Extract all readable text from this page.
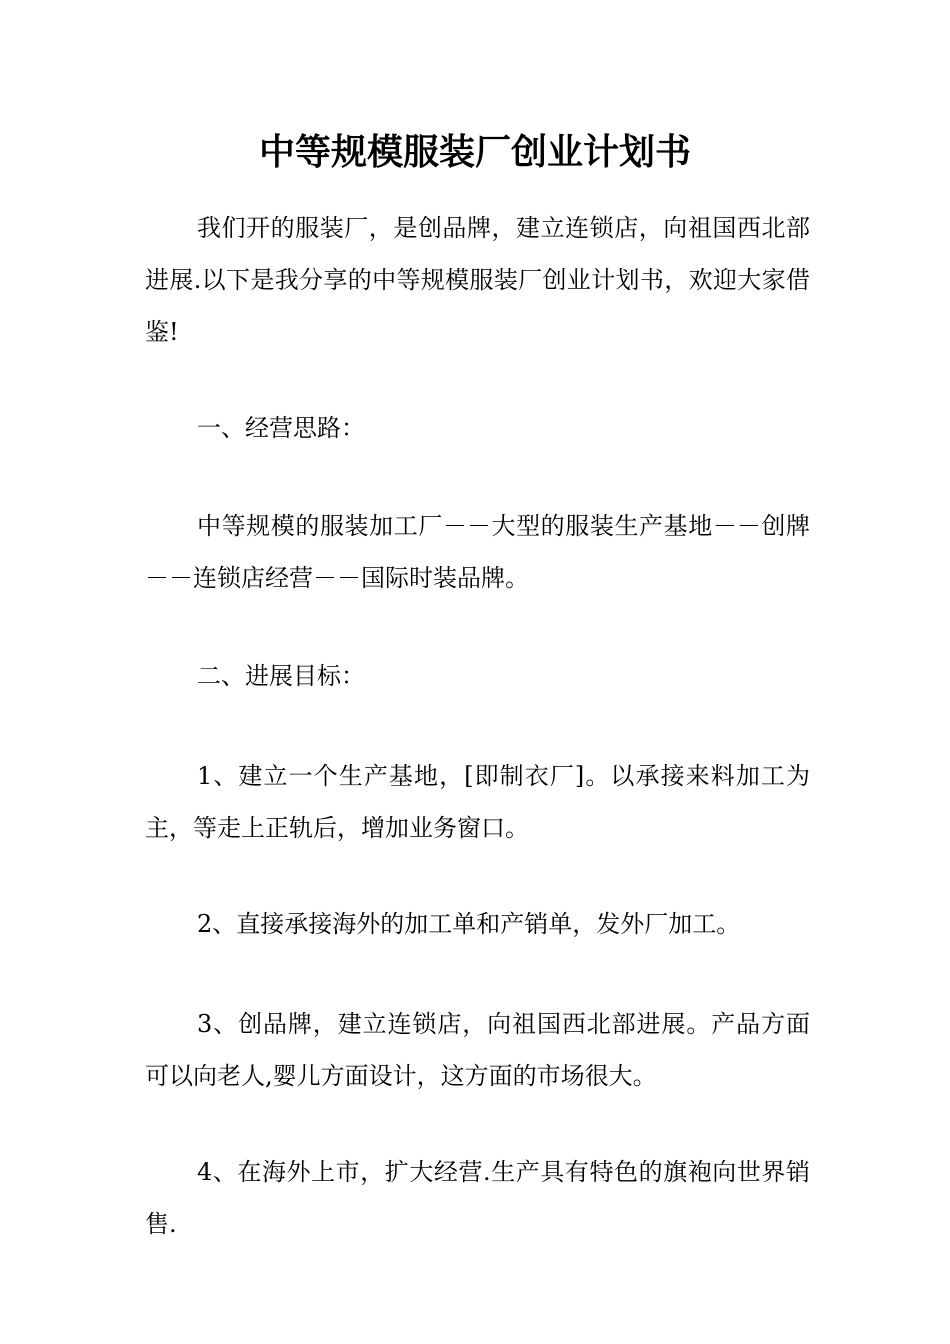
中等规模服装厂创业计划书

我们开的服装厂，是创品牌，建立连锁店，向祖国西北部进展.以下是我分享的中等规模服装厂创业计划书，欢迎大家借鉴!

一、经营思路：

中等规模的服装加工厂－－大型的服装生产基地－－创牌－－连锁店经营－－国际时装品牌。

二、进展目标：

1、建立一个生产基地，[即制衣厂]。以承接来料加工为主，等走上正轨后，增加业务窗口。

2、直接承接海外的加工单和产销单，发外厂加工。

3、创品牌，建立连锁店，向祖国西北部进展。产品方面可以向老人,婴儿方面设计，这方面的市场很大。

4、在海外上市，扩大经营.生产具有特色的旗袍向世界销售.
